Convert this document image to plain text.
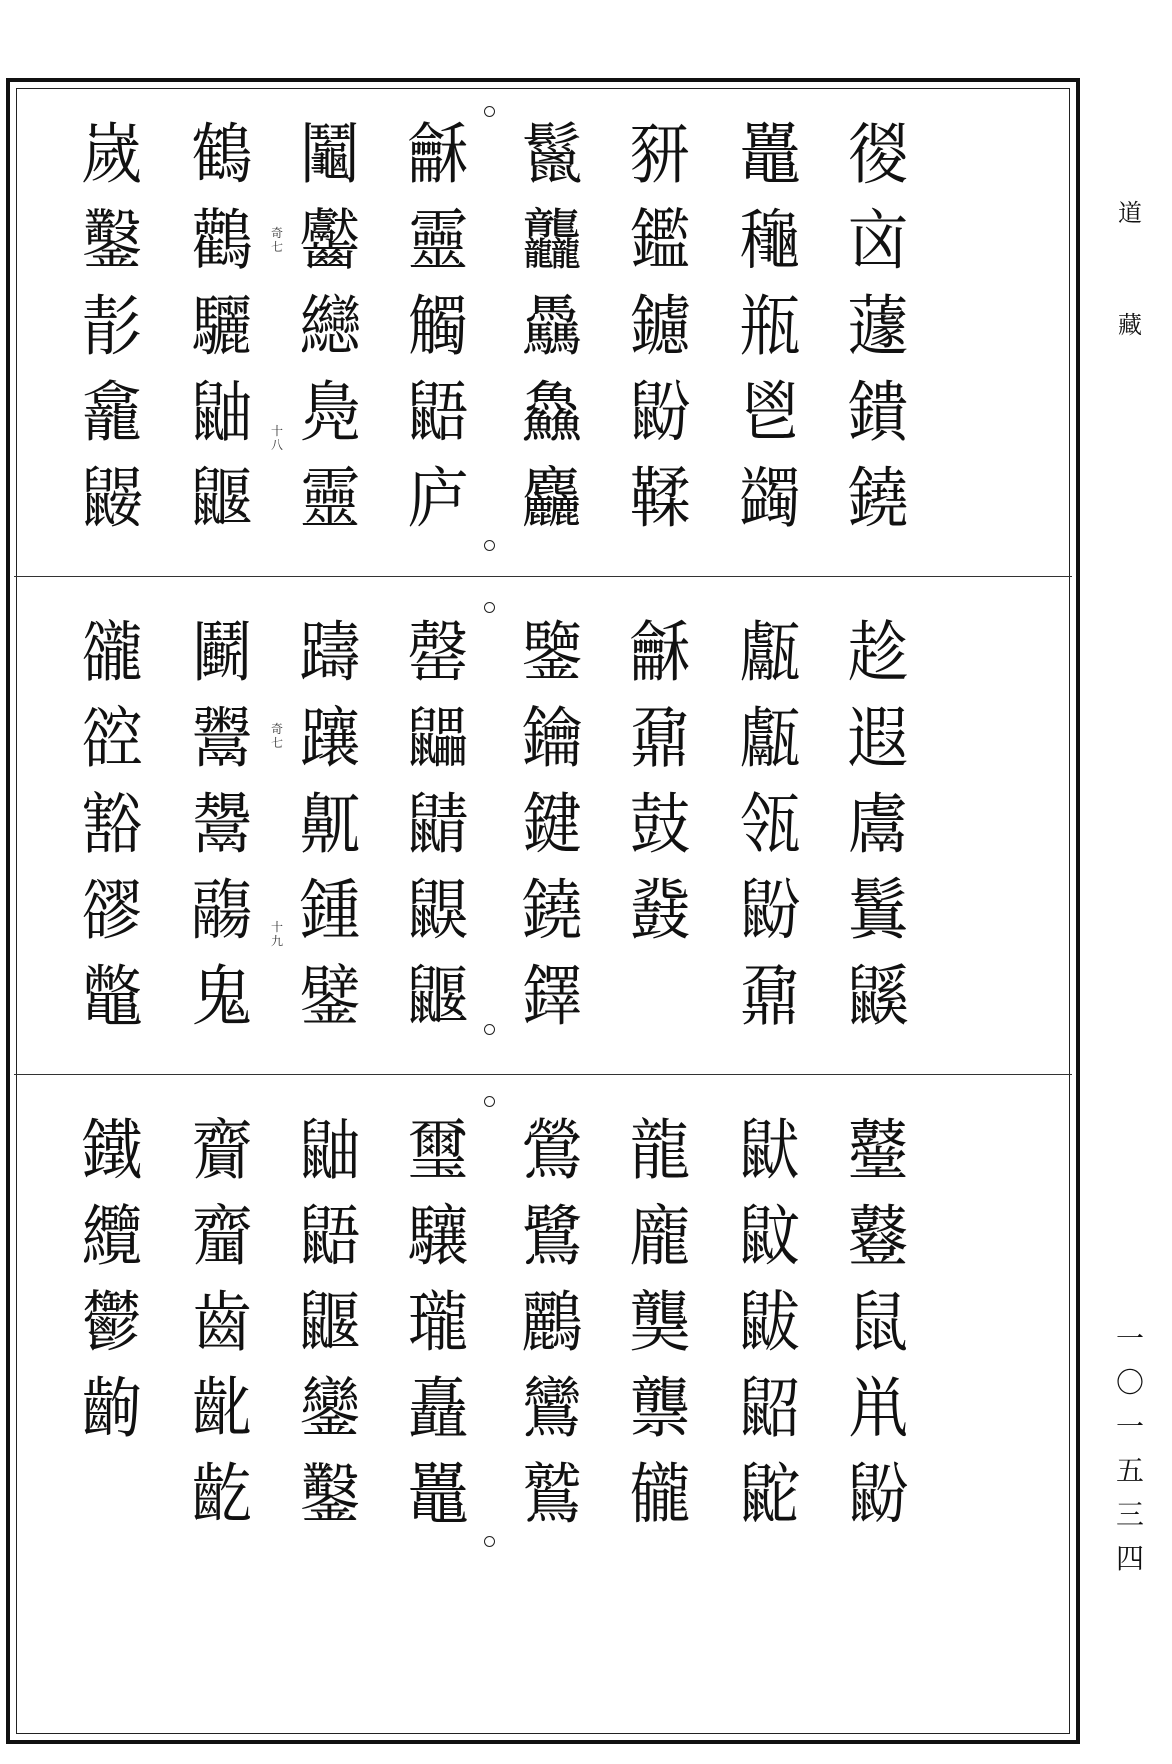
㣭
㐫
蘧
鐀
鐃
鼉
龝
瓶
鬯
蠲
豜
鑑
鑢
鼢
鞣
鬣
龘
驫
鱻
麤
龢
靈
觸
鼯
庐
鬮
齾
纞
鳧
靈
鶴
鸛
驪
鼬
鼴
嵗
鑿
𩇕
龕
鼹
奇七
十八
趁
遐
鬳
鬒
鼷
甗
甗
瓴
鼢
鼐
龢
鼐
鼓
鼗
鑒
鑰
鍵
鐃
鐸
罄
鼺
鼱
鼳
鼴
躊
躟
鼿
鍾
鐾
鬬
鬻
鬹
鬺
鬼
豅
谾
豁
豂
鼈
奇七
十九
鼞
鼟
鼠
鼡
鼢
鼣
鼤
鼥
鼦
鼧
龍
龐
龑
龒
龓
鶯
鷺
鸝
鸞
鷲
璽
驤
瓏
矗
鼉
鼬
鼯
鼴
鑾
鑿
齎
齏
齒
齔
齕
鐵
纜
鬱
齣
道
藏
一
〇
一
五
三
四
